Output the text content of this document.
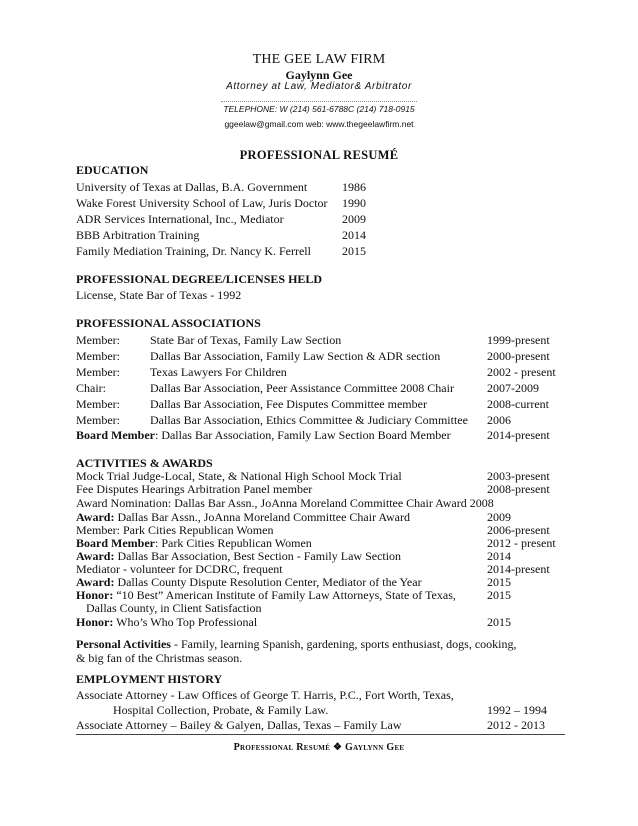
THE GEE LAW FIRM
Gaylynn Gee
Attorney at Law, Mediator& Arbitrator
TELEPHONE: W (214) 561-6788C (214) 718-0915
ggeelaw@gmail.com web: www.thegeelawfirm.net
PROFESSIONAL RESUMÉ
EDUCATION
University of Texas at Dallas, B.A. Government	1986
Wake Forest University School of Law, Juris Doctor 1990
ADR Services International, Inc., Mediator	2009
BBB Arbitration Training	2014
Family Mediation Training, Dr. Nancy K. Ferrell	2015
PROFESSIONAL DEGREE/LICENSES HELD
License, State Bar of Texas - 1992
PROFESSIONAL ASSOCIATIONS
Member:	State Bar of Texas, Family Law Section	1999-present
Member:	Dallas Bar Association, Family Law Section & ADR section	2000-present
Member:	Texas Lawyers For Children	2002 - present
Chair:	Dallas Bar Association, Peer Assistance Committee 2008 Chair	2007-2009
Member:	Dallas Bar Association, Fee Disputes Committee member	2008-current
Member:	Dallas Bar Association, Ethics Committee & Judiciary Committee 2006
Board Member: Dallas Bar Association, Family Law Section Board Member	2014-present
ACTIVITIES & AWARDS
Mock Trial Judge-Local, State, & National High School Mock Trial	2003-present
Fee Disputes Hearings Arbitration Panel member	2008-present
Award Nomination: Dallas Bar Assn., JoAnna Moreland Committee Chair Award 2008
Award: Dallas Bar Assn., JoAnna Moreland Committee Chair Award	2009
Member: Park Cities Republican Women	2006-present
Board Member: Park Cities Republican Women	2012 - present
Award: Dallas Bar Association, Best Section - Family Law Section	2014
Mediator - volunteer for DCDRC, frequent	2014-present
Award: Dallas County Dispute Resolution Center, Mediator of the Year	2015
Honor: “10 Best” American Institute of Family Law Attorneys, State of Texas,	2015
Dallas County, in Client Satisfaction
Honor: Who’s Who Top Professional	2015
Personal Activities - Family, learning Spanish, gardening, sports enthusiast, dogs, cooking,
& big fan of the Christmas season.
EMPLOYMENT HISTORY
Associate Attorney - Law Offices of George T. Harris, P.C., Fort Worth, Texas,
Hospital Collection, Probate, & Family Law.	1992 – 1994
Associate Attorney – Bailey & Galyen, Dallas, Texas – Family Law	2012 - 2013
Professional Resumé ❖ Gaylynn Gee
